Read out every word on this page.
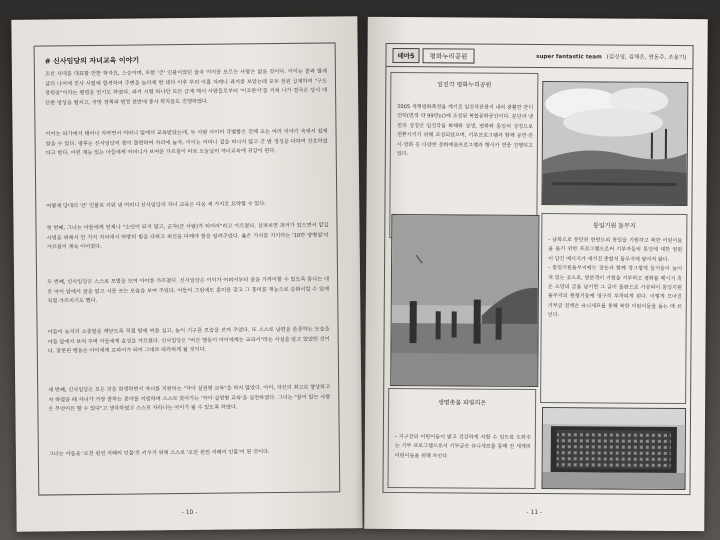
# 신사임당의 자녀교육 이야기

조선 사대를 대표할 만한 학자요, 스승이며, 또한 '큰' 인물이었던 율곡 이이를 모르는 사람은 없을 것이다. 이이는 불과 열세 살의 나이에 진사 시험에 합격하여 주변을 놀라게 한 데다 이후 무려 아홉 차례나 과거를 보았는데 모두 장원 급제하여 "구도장원공"이라는 별명을 얻기도 하였다. 과거 시험 하나만 모든 급제 해서 사람들로부터 '이조판서'를 거쳐 나가 결국은 당시 대단한 명성을 떨치고, 국방 정책과 행정 전반에 종사 학자들도 진행하였다.

이이는 외가에서 태어나 자라면서 어머니 밑에서 교육받았는데, 두 사람 사이의 각별함은 전해 오는 여러 이야기 속에서 쉽게 찾을 수 있다. 평후는 신사임당의 몸이 불편하여 자리에 눕자, 이이는 어머니 곁을 떠나지 않고 간 밤 정성을 다하여 간호하였다고 한다. 이런 재능 있는 아들에게 어머니가 보여준 가르침이 바로 오늘날의 자녀교육에 귀감이 된다.

어떻게 당대의 '큰' 인물로 키워 낸 어머니 신사임당의 자녀 교육은 다음 세 가지로 요약할 수 있다.

첫 번째, 그녀는 아들에게 언제나 "소인이 되지 말고, 군자(큰 사람)가 되어라"라고 가르쳤다. 살펴보면 과거가 있으면서 맡길 사명을 위해서 만 가지 자리에서 마땅히 힘을 다하고 최선을 다해야 함을 알려주었다. 옳은 가치를 지키라는 '10만 양병설'의 가르침이 계속 이어졌다.

두 번째, 신사임당은 스스로 모범을 보여 아이를 가르쳤다. 신사임당은 이이가 어려서부터 글을 가까이할 수 있도록 틈나는 대로 아이 앞에서 글을 읽고 시를 쓰는 모습을 보여 주었다. 아들이 그림에도 흥미를 갖고 그 흥미를 재능으로 승화시킬 수 있게 직접 가르치기도 했다.

아들이 늦지의 소중함을 깨닫도록 직접 땅에 씨를 심고, 놀이 기구를 모습을 보여 주었다. 또 스스로 남편을 존중하는 모습을 아들 앞에서 보여 주며 아들에게 효성을 가르쳤다. 신사임당은 "바른 행동이 아이에게는 교과서"라는 사실을 알고 있었던 것이다. 잘못된 행동은 아이에게 교과서가 되어 그대로 따라하게 될 것이다.

세 번째, 신사임당은 모든 것을 희생하면서 자녀를 지원하는 "자아 실현형 교육"을 하지 않았다. 아이, 자신의 최고로 향상하고자 하였을 때 자녀가 가장 잘하는 분야를 지원하며 스스로 찾아가는 '자아 실현형 교육'을 실천하였다. 그녀는 "꿈이 있는 사람은 무엇이든 할 수 있다"고 생각하였고 스스로 자라나는 아이가 될 수 있도록 하였다.

그녀는 아들을 '오천 원권 지폐의 인물'로 키우기 위해 스스로 '오만 원권 지폐의 인물'이 된 것이다.

- 10 -
테마5	평화누리공원	super fantastic team (김신영, 김채은, 연동주, 조용기)
임진각 평화누리공원

2005 세계평화축전을 계기로 임진각관광지 내의 광활한 잔디언덕(면적 약 99만㎡)에 조성된 복합문화공간이다. 분단과 냉전의 상징인 임진각을 화해와 상생, 평화와 통일의 상징으로 전환시키기 위해 조성되었으며, 기부프로그램과 함께 공연·전시·영화 등 다양한 문화예술프로그램과 행사가 연중 진행되고 있다.

통일기원 돌무지

- 남북으로 분단된 한반도의 통일을 기원하고 북한 어린이들을 돕기 위한 프로그램으로써 기부자들의 통일에 대한 염원이 담긴 메시지가 새겨진 종합석 돌무지에 쌓여져 왔다.
- 통일기원돌무지에는 장승과 함께 장그렇게 들기둥이 늘어져 있는 곳으로, 방문객이 기원을 기부하고 평화를 메시지 혹은 소망의 글을 남기면 그 글이 돌판으로 가공되어 통일기원돌무지의 원형기둥에 영구히 부착되게 된다. 이렇게 모아진 기부금 전액은 유니세프를 통해 북한 어린이들을 돕는 데 쓰인다.

생명촛불 파빌리온

- 지구상의 어린이들이 밝고 건강하게 자랄 수 있도록 도와주는 기부 프로그램으로서 기부금은 유니세프를 통해 전 세계의 어린이들을 위해 쓰인다

- 11 -
